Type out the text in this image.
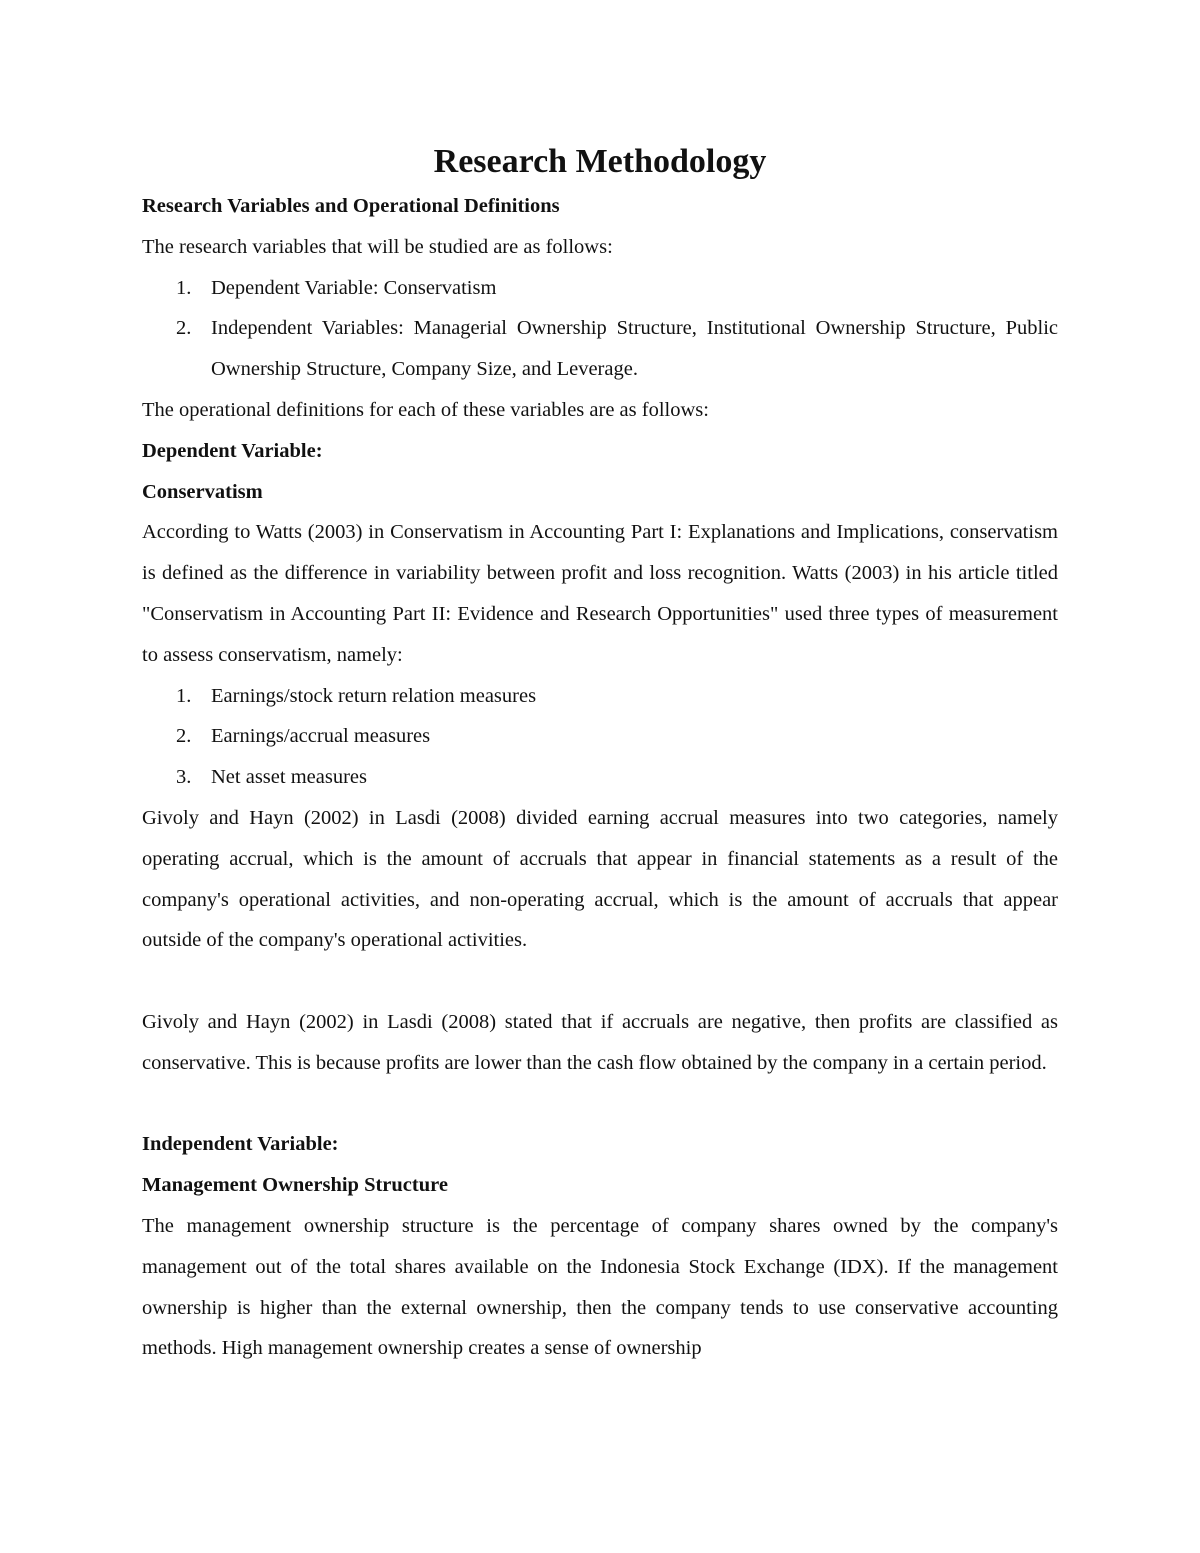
Research Methodology

Research Variables and Operational Definitions

The research variables that will be studied are as follows:

1. Dependent Variable: Conservatism
2. Independent Variables: Managerial Ownership Structure, Institutional Ownership Structure, Public Ownership Structure, Company Size, and Leverage.

The operational definitions for each of these variables are as follows:

Dependent Variable:

Conservatism

According to Watts (2003) in Conservatism in Accounting Part I: Explanations and Implications, conservatism is defined as the difference in variability between profit and loss recognition. Watts (2003) in his article titled "Conservatism in Accounting Part II: Evidence and Research Opportunities" used three types of measurement to assess conservatism, namely:

1. Earnings/stock return relation measures
2. Earnings/accrual measures
3. Net asset measures

Givoly and Hayn (2002) in Lasdi (2008) divided earning accrual measures into two categories, namely operating accrual, which is the amount of accruals that appear in financial statements as a result of the company's operational activities, and non-operating accrual, which is the amount of accruals that appear outside of the company's operational activities.

Givoly and Hayn (2002) in Lasdi (2008) stated that if accruals are negative, then profits are classified as conservative. This is because profits are lower than the cash flow obtained by the company in a certain period.

Independent Variable:

Management Ownership Structure

The management ownership structure is the percentage of company shares owned by the company's management out of the total shares available on the Indonesia Stock Exchange (IDX). If the management ownership is higher than the external ownership, then the company tends to use conservative accounting methods. High management ownership creates a sense of ownership
